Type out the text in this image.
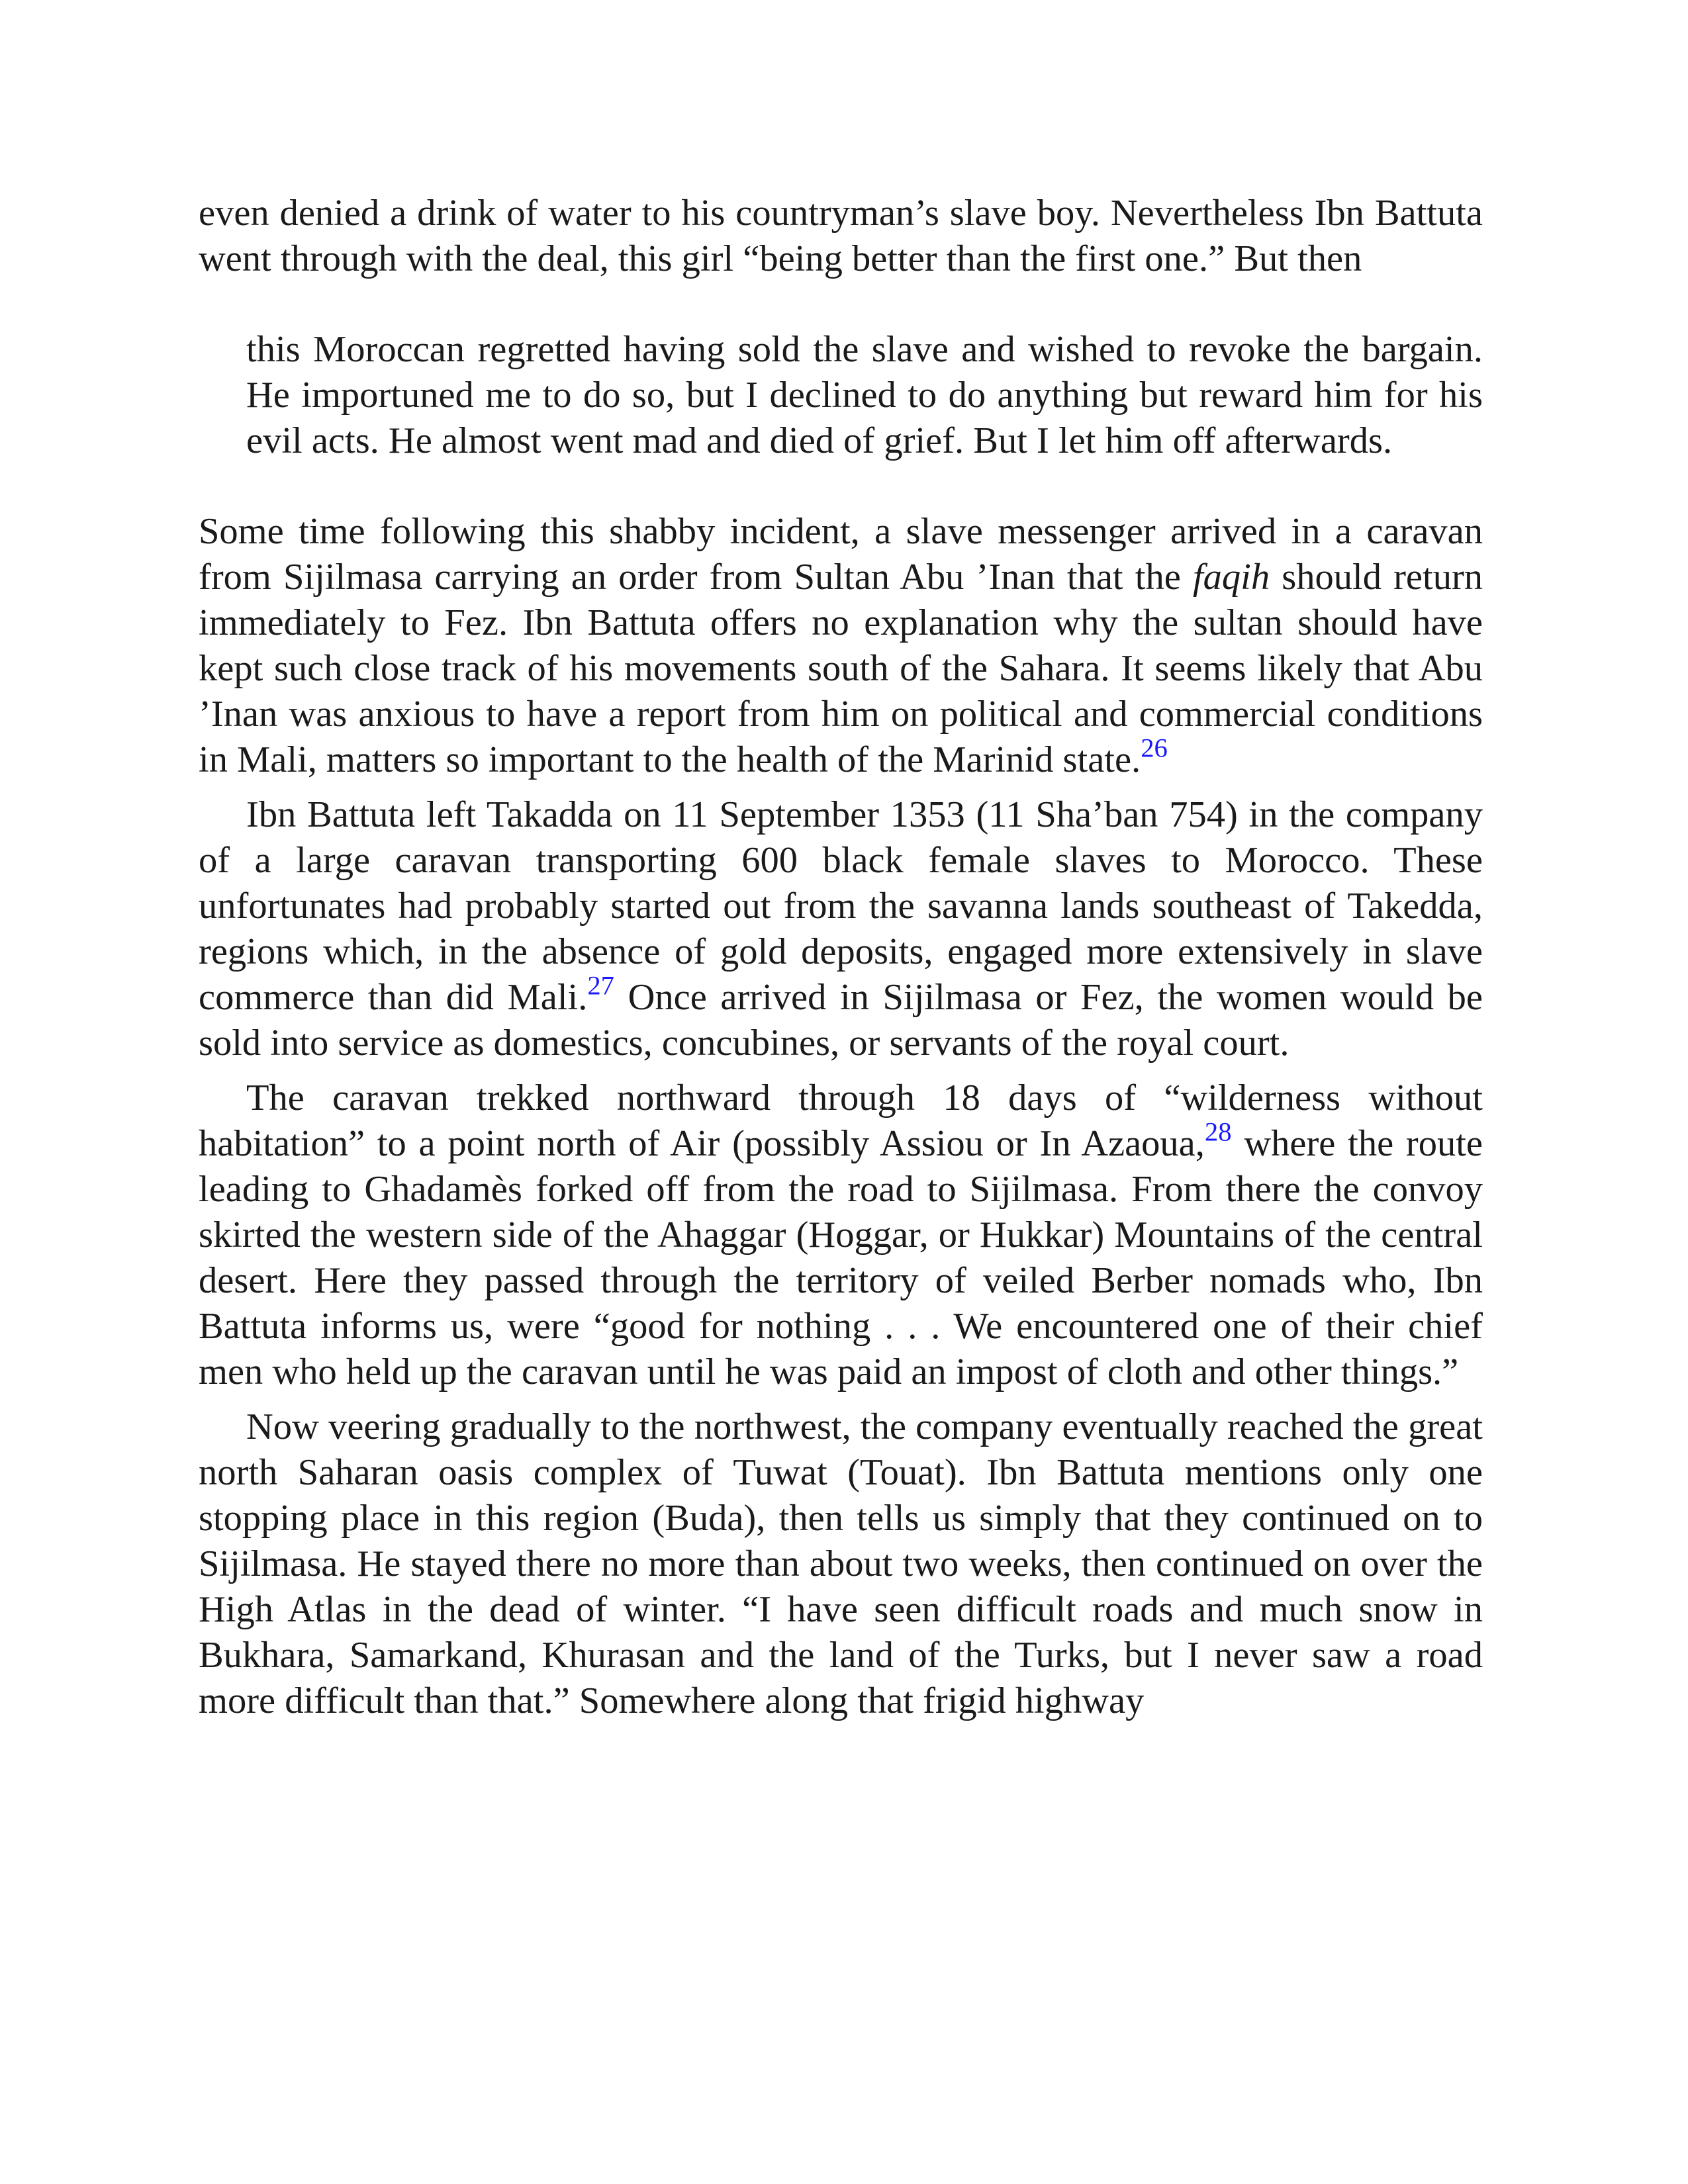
even denied a drink of water to his countryman’s slave boy. Nevertheless Ibn Battuta went through with the deal, this girl “being better than the first one.” But then

this Moroccan regretted having sold the slave and wished to revoke the bargain. He importuned me to do so, but I declined to do anything but reward him for his evil acts. He almost went mad and died of grief. But I let him off afterwards.

Some time following this shabby incident, a slave messenger arrived in a caravan from Sijilmasa carrying an order from Sultan Abu ’Inan that the faqih should return immediately to Fez. Ibn Battuta offers no explanation why the sultan should have kept such close track of his movements south of the Sahara. It seems likely that Abu ’Inan was anxious to have a report from him on political and commercial conditions in Mali, matters so important to the health of the Marinid state.$^{26}$

Ibn Battuta left Takadda on 11 September 1353 (11 Sha’ban 754) in the company of a large caravan transporting 600 black female slaves to Morocco. These unfortunates had probably started out from the savanna lands southeast of Takedda, regions which, in the absence of gold deposits, engaged more extensively in slave commerce than did Mali.$^{27}$ Once arrived in Sijilmasa or Fez, the women would be sold into service as domestics, concubines, or servants of the royal court.

The caravan trekked northward through 18 days of “wilderness without habitation” to a point north of Air (possibly Assiou or In Azaoua,$^{28}$ where the route leading to Ghadamès forked off from the road to Sijilmasa. From there the convoy skirted the western side of the Ahaggar (Hoggar, or Hukkar) Mountains of the central desert. Here they passed through the territory of veiled Berber nomads who, Ibn Battuta informs us, were “good for nothing . . . We encountered one of their chief men who held up the caravan until he was paid an impost of cloth and other things.”

Now veering gradually to the northwest, the company eventually reached the great north Saharan oasis complex of Tuwat (Touat). Ibn Battuta mentions only one stopping place in this region (Buda), then tells us simply that they continued on to Sijilmasa. He stayed there no more than about two weeks, then continued on over the High Atlas in the dead of winter. “I have seen difficult roads and much snow in Bukhara, Samarkand, Khurasan and the land of the Turks, but I never saw a road more difficult than that.” Somewhere along that frigid highway
